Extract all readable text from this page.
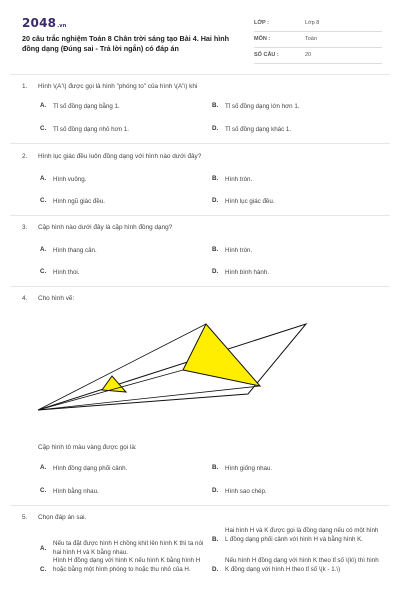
2048.vn
20 câu trắc nghiệm Toán 8 Chân trời sáng tạo Bài 4. Hai hình đồng dạng (Đúng sai - Trả lời ngắn) có đáp án
LỚP :	Lớp 8
MÔN :	Toán
SỐ CÂU :	20
1.	Hình \(A'\) được gọi là hình "phóng to" của hình \(A'\) khi
A. Tỉ số đồng dạng bằng 1.	B. Tỉ số đồng dạng lớn hơn 1.
C. Tỉ số đồng dạng nhỏ hơn 1.	D. Tỉ số đồng dạng khác 1.
2.	Hình lục giác đều luôn đồng dạng với hình nào dưới đây?
A. Hình vuông.	B. Hình tròn.
C. Hình ngũ giác đều.	D. Hình lục giác đều.
3.	Cặp hình nào dưới đây là cặp hình đồng dạng?
A. Hình thang cân.	B. Hình tròn.
C. Hình thoi.	D. Hình bình hành.
4.	Cho hình vẽ:
Cặp hình tô màu vàng được gọi là:
A. Hình đồng dạng phối cảnh.	B. Hình giống nhau.
C. Hình bằng nhau.	D. Hình sao chép.
5.	Chọn đáp án sai.
A.
Nếu ta đặt được hình H chồng khít lên hình K thì ta nói hai hình H và K bằng nhau.
B.
Hai hình H và K được gọi là đồng dạng nếu có một hình L đồng dạng phối cảnh với hình H và bằng hình K.
C.
Hình H đồng dạng với hình K nếu hình K bằng hình H hoặc bằng một hình phóng to hoặc thu nhỏ của H.	D.
Nếu hình H đồng dạng với hình K theo tỉ số \(k\) thì hình K đồng dạng với hình H theo tỉ số \(k - 1.\)
